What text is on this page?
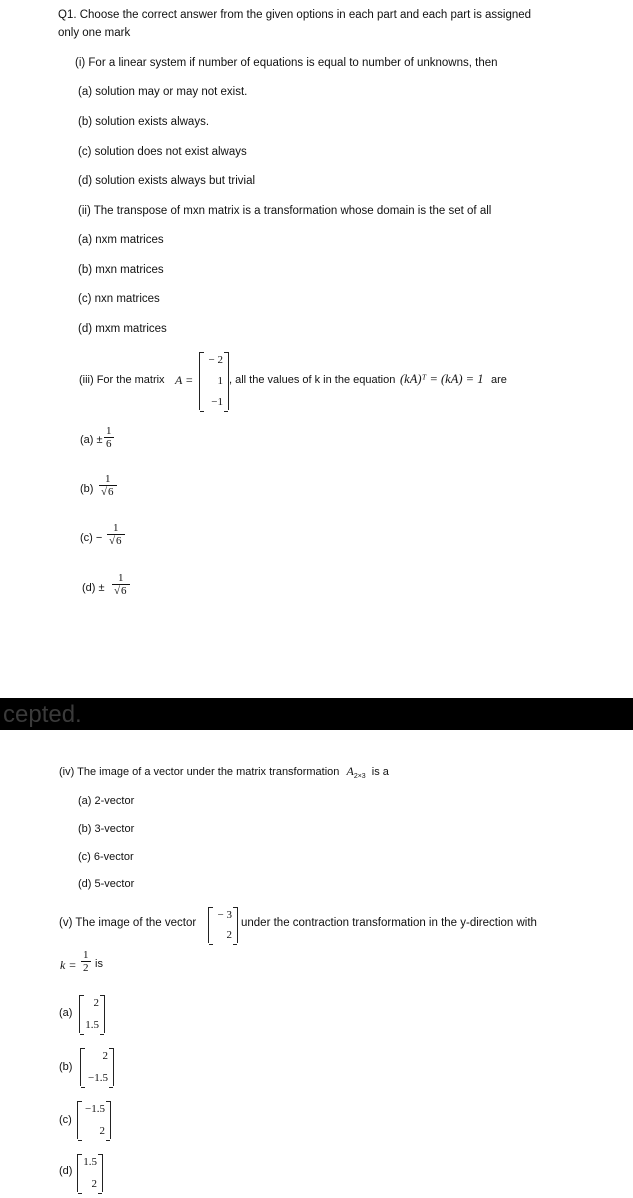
Q1. Choose the correct answer from the given options in each part and each part is assigned
only one mark
(i) For a linear system if number of equations is equal to number of unknowns, then
(a) solution may or may not exist.
(b) solution exists always.
(c) solution does not exist always
(d) solution exists always but trivial
(ii) The transpose of mxn matrix is a transformation whose domain is the set of all
(a) nxm matrices
(b) mxn matrices
(c) nxn matrices
(d) mxm matrices
(iii) For the matrix A =
− 2
1
−1
, all the values of k in the equation (kA)ᵀ = (kA) = 1 are
$(a) \pm \frac{1}{6}$
$(b) \frac{1}{√6}$
$(c) - \frac{1}{√6}$
$(d) \pm \frac{1}{√6}$
cepted.
(iv) The image of a vector under the matrix transformation $A_{2\times 3}$ is a
(a) 2-vector
(b) 3-vector
(c) 6-vector
(d) 5-vector
(v) The image of the vector
− 3
2
under the contraction transformation in the y-direction with
$k = \frac{1}{2}$ is
(a)
2
1.5
(b)
2
−1.5
(c)
−1.5
2
(d)
1.5
2
